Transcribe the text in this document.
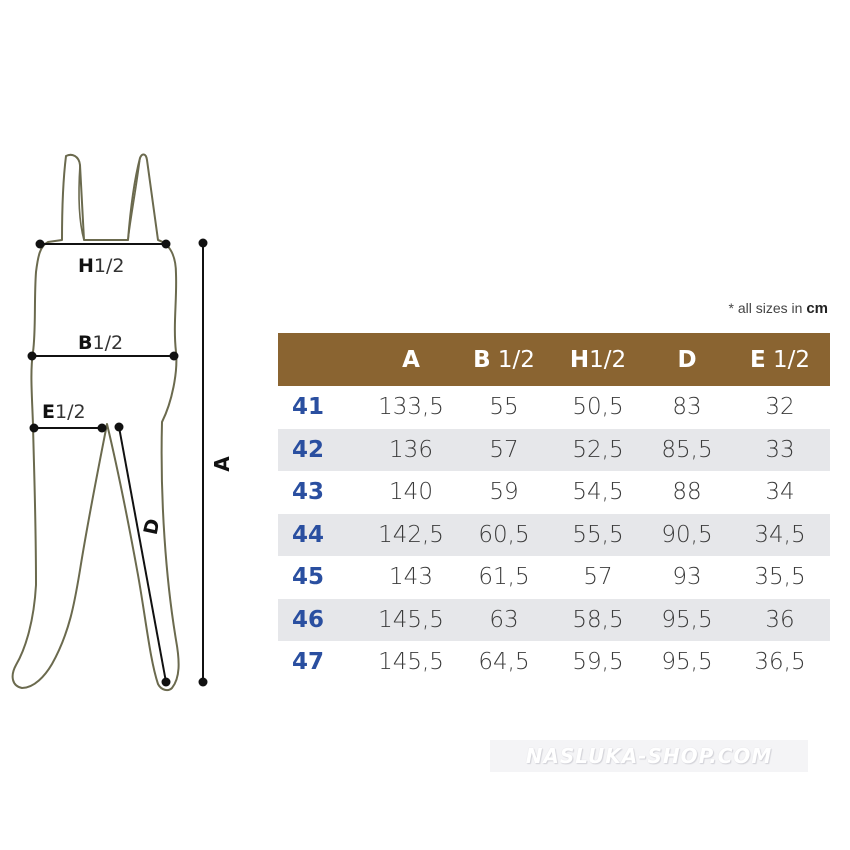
H1/2
B1/2
E1/2
A
D
* all sizes in cm
	A	B 1/2	H1/2	D	E 1/2
41	133,5	55	50,5	83	32
42	136	57	52,5	85,5	33
43	140	59	54,5	88	34
44	142,5	60,5	55,5	90,5	34,5
45	143	61,5	57	93	35,5
46	145,5	63	58,5	95,5	36
47	145,5	64,5	59,5	95,5	36,5
NASLUKA-SHOP.COM
